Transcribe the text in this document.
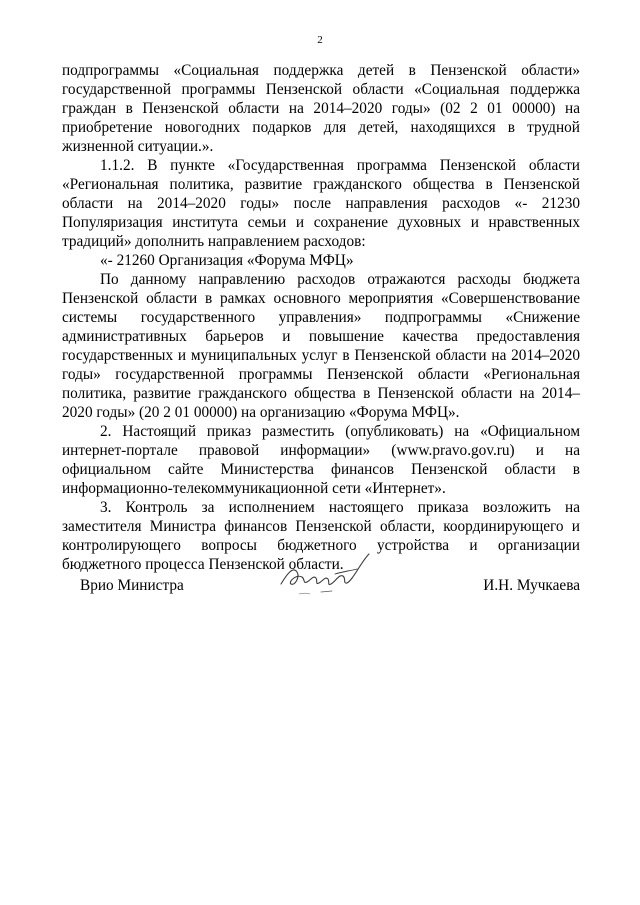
2

подпрограммы «Социальная поддержка детей в Пензенской области» государственной программы Пензенской области «Социальная поддержка граждан в Пензенской области на 2014–2020 годы» (02 2 01 00000) на приобретение новогодних подарков для детей, находящихся в трудной жизненной ситуации.».

1.1.2. В пункте «Государственная программа Пензенской области «Региональная политика, развитие гражданского общества в Пензенской области на 2014–2020 годы» после направления расходов «- 21230 Популяризация института семьи и сохранение духовных и нравственных традиций» дополнить направлением расходов:

«- 21260 Организация «Форума МФЦ»

По данному направлению расходов отражаются расходы бюджета Пензенской области в рамках основного мероприятия «Совершенствование системы государственного управления» подпрограммы «Снижение административных барьеров и повышение качества предоставления государственных и муниципальных услуг в Пензенской области на 2014–2020 годы» государственной программы Пензенской области «Региональная политика, развитие гражданского общества в Пензенской области на 2014–2020 годы» (20 2 01 00000) на организацию «Форума МФЦ».

2. Настоящий приказ разместить (опубликовать) на «Официальном интернет-портале правовой информации» (www.pravo.gov.ru) и на официальном сайте Министерства финансов Пензенской области в информационно-телекоммуникационной сети «Интернет».

3. Контроль за исполнением настоящего приказа возложить на заместителя Министра финансов Пензенской области, координирующего и контролирующего вопросы бюджетного устройства и организации бюджетного процесса Пензенской области.

Врио Министра	И.Н. Мучкаева
